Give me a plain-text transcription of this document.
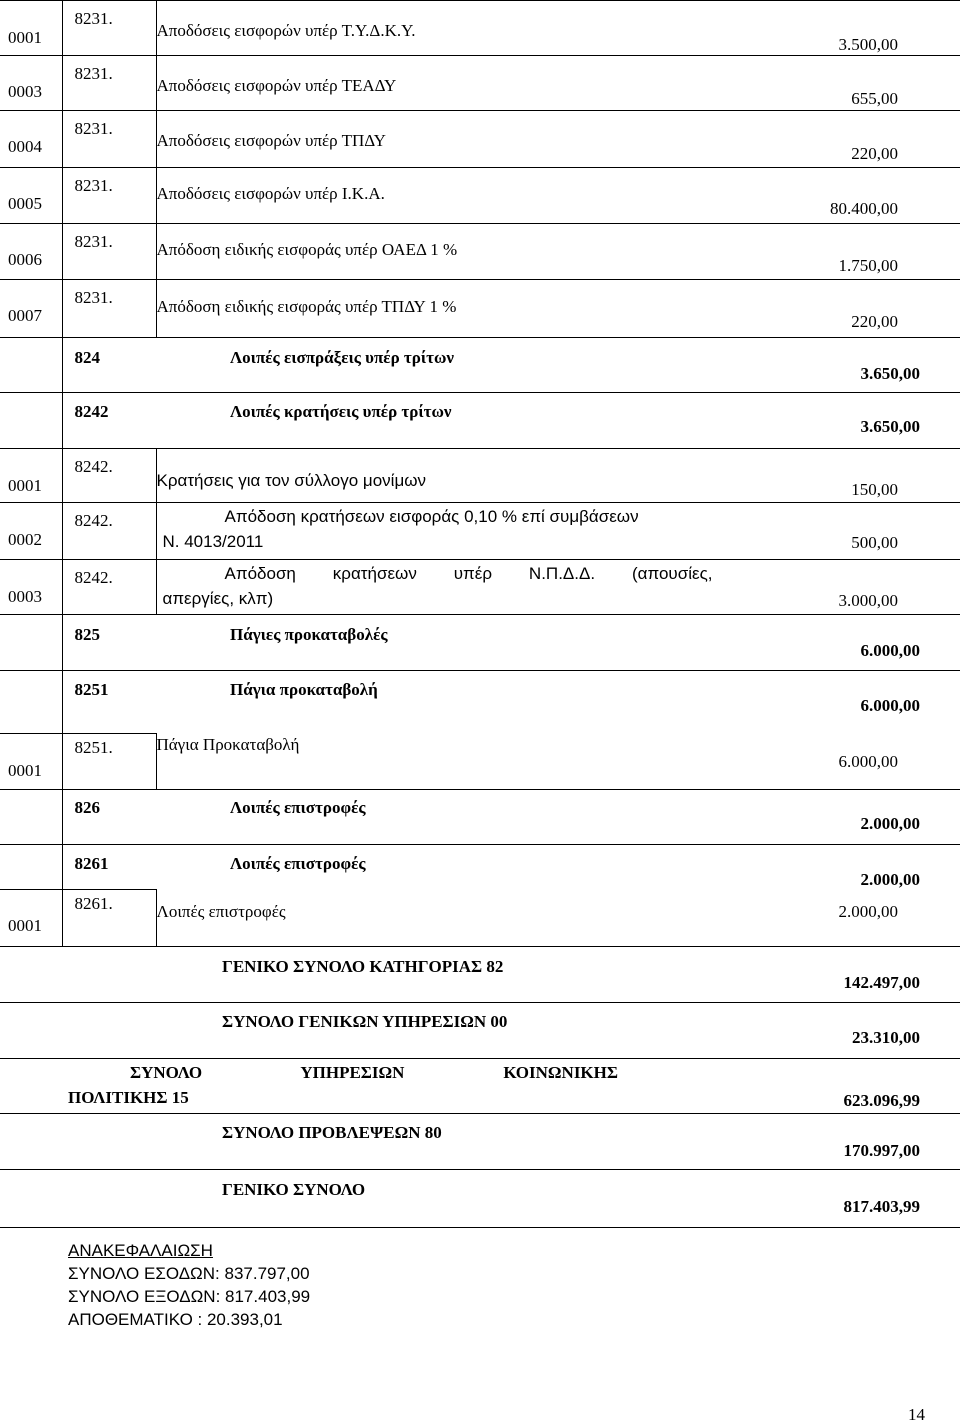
0001	8231.	Αποδόσεις εισφορών υπέρ Τ.Υ.Δ.Κ.Υ.		3.500,00

0003	8231.	Αποδόσεις εισφορών υπέρ ΤΕΑΔΥ		655,00

0004	8231.	Αποδόσεις εισφορών υπέρ ΤΠΔΥ		220,00

0005	8231.	Αποδόσεις εισφορών υπέρ Ι.Κ.Α.		80.400,00

0006	8231.	Απόδοση ειδικής εισφοράς υπέρ ΟΑΕΔ 1 %		1.750,00

0007	8231.	Απόδοση ειδικής εισφοράς υπέρ ΤΠΔΥ 1 %		220,00

	824		Λοιπές εισπράξεις υπέρ τρίτων	3.650,00

	8242		Λοιπές κρατήσεις υπέρ τρίτων	3.650,00

0001	8242.	Κρατήσεις για τον σύλλογο μονίμων		150,00

0002	8242.	Απόδοση κρατήσεων εισφοράς 0,10 % επί συμβάσεων
Ν. 4013/2011 500,00		

0003	8242.	Απόδοση κρατήσεων υπέρ Ν.Π.Δ.Δ. (απουσίες,
απεργίες, κλπ) 3.000,00		

	825		Πάγιες προκαταβολές	6.000,00

	8251		Πάγια προκαταβολή	6.000,00

0001	8251.	Πάγια Προκαταβολή		6.000,00

	826		Λοιπές επιστροφές	2.000,00

	8261		Λοιπές επιστροφές	2.000,00

0001	8261.	Λοιπές επιστροφές		2.000,00

			ΓΕΝΙΚΟ ΣΥΝΟΛΟ ΚΑΤΗΓΟΡΙΑΣ 82	142.497,00

			ΣΥΝΟΛΟ ΓΕΝΙΚΩΝ ΥΠΗΡΕΣΙΩΝ 00	23.310,00

	ΣΥΝΟΛΟ ΥΠΗΡΕΣΙΩΝ ΚΟΙΝΩΝΙΚΗΣ
ΠΟΛΙΤΙΚΗΣ 15 623.096,99			

			ΣΥΝΟΛΟ ΠΡΟΒΛΕΨΕΩΝ 80	170.997,00

			ΓΕΝΙΚΟ ΣΥΝΟΛΟ	817.403,99
ΑΝΑΚΕΦΑΛΑΙΩΣΗ
ΣΥΝΟΛΟ ΕΣΟΔΩΝ: 837.797,00
ΣΥΝΟΛΟ ΕΞΟΔΩΝ: 817.403,99
ΑΠΟΘΕΜΑΤΙΚΟ : 20.393,01
14
